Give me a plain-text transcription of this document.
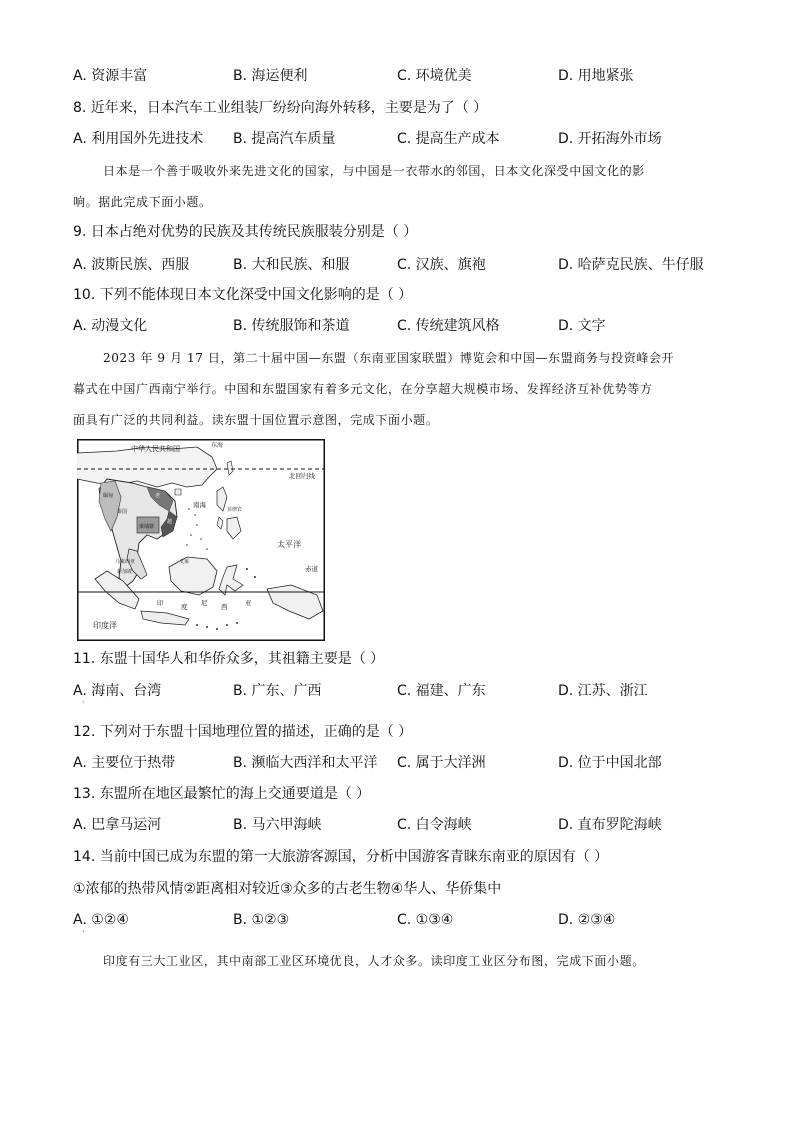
A. 资源丰富	B. 海运便利	C. 环境优美	D. 用地紧张
8. 近年来，日本汽车工业组装厂纷纷向海外转移，主要是为了（ ）
A. 利用国外先进技术 B. 提高汽车质量	C. 提高生产成本	D. 开拓海外市场
日本是一个善于吸收外来先进文化的国家，与中国是一衣带水的邻国，日本文化深受中国文化的影
响。据此完成下面小题。
9. 日本占绝对优势的民族及其传统民族服装分别是（ ）
A. 波斯民族、西服	B. 大和民族、和服	C. 汉族、旗袍	D. 哈萨克民族、牛仔服
10. 下列不能体现日本文化深受中国文化影响的是（ ）
A. 动漫文化	B. 传统服饰和茶道	C. 传统建筑风格	D. 文字
2023 年 9 月 17 日，第二十届中国—东盟（东南亚国家联盟）博览会和中国—东盟商务与投资峰会开
幕式在中国广西南宁举行。中国和东盟国家有着多元文化，在分享超大规模市场、发挥经济互补优势等方
面具有广泛的共同利益。读东盟十国位置示意图，完成下面小题。
中华人民共和国	东海
北回归线
南海
太平洋
赤道
印度洋
印	度 尼 西	亚
缅甸	老
泰国
柬埔寨
越
菲律宾
马来西亚
新加坡
文莱
11. 东盟十国华人和华侨众多，其祖籍主要是（ ）
A. 海南、台湾	B. 广东、广西	C. 福建、广东	D. 江苏、浙江
·
12. 下列对于东盟十国地理位置的描述，正确的是（ ）
A. 主要位于热带	B. 濒临大西洋和太平洋 C. 属于大洋洲	D. 位于中国北部
13. 东盟所在地区最繁忙的海上交通要道是（ ）
A. 巴拿马运河	B. 马六甲海峡	C. 白令海峡	D. 直布罗陀海峡
14. 当前中国已成为东盟的第一大旅游客源国，分析中国游客青睐东南亚的原因有（ ）
①浓郁的热带风情②距离相对较近③众多的古老生物④华人、华侨集中
A. ①②④	B. ①②③	C. ①③④	D. ②③④
·
印度有三大工业区，其中南部工业区环境优良，人才众多。读印度工业区分布图，完成下面小题。
